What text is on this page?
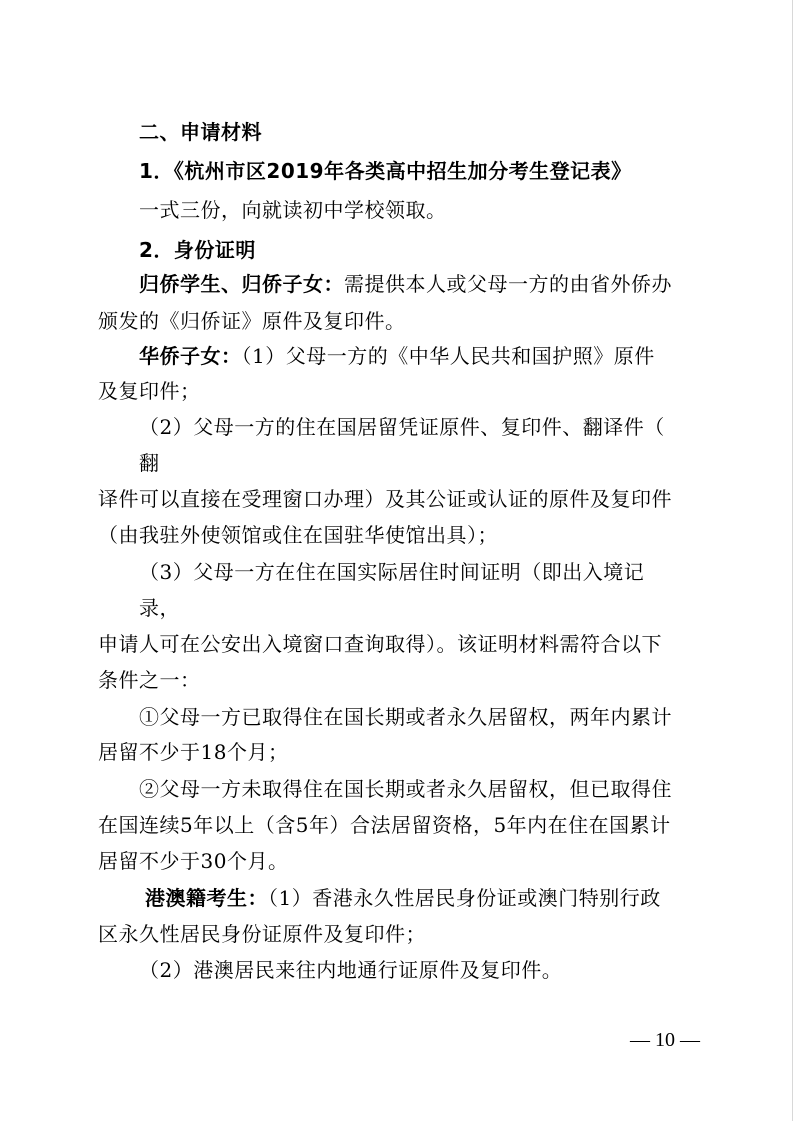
二、申请材料
1．《杭州市区2019年各类高中招生加分考生登记表》
一式三份，向就读初中学校领取。
2．身份证明
归侨学生、归侨子女：需提供本人或父母一方的由省外侨办
颁发的《归侨证》原件及复印件。
华侨子女：（1）父母一方的《中华人民共和国护照》原件
及复印件；
（2）父母一方的住在国居留凭证原件、复印件、翻译件（
翻
译件可以直接在受理窗口办理）及其公证或认证的原件及复印件
（由我驻外使领馆或住在国驻华使馆出具）；
（3）父母一方在住在国实际居住时间证明（即出入境记
录，
申请人可在公安出入境窗口查询取得）。该证明材料需符合以下
条件之一：
①父母一方已取得住在国长期或者永久居留权，两年内累计
居留不少于18个月；
②父母一方未取得住在国长期或者永久居留权，但已取得住
在国连续5年以上（含5年）合法居留资格，5年内在住在国累计
居留不少于30个月。
港澳籍考生：（1）香港永久性居民身份证或澳门特别行政
区永久性居民身份证原件及复印件；
（2）港澳居民来往内地通行证原件及复印件。
— 10 —
